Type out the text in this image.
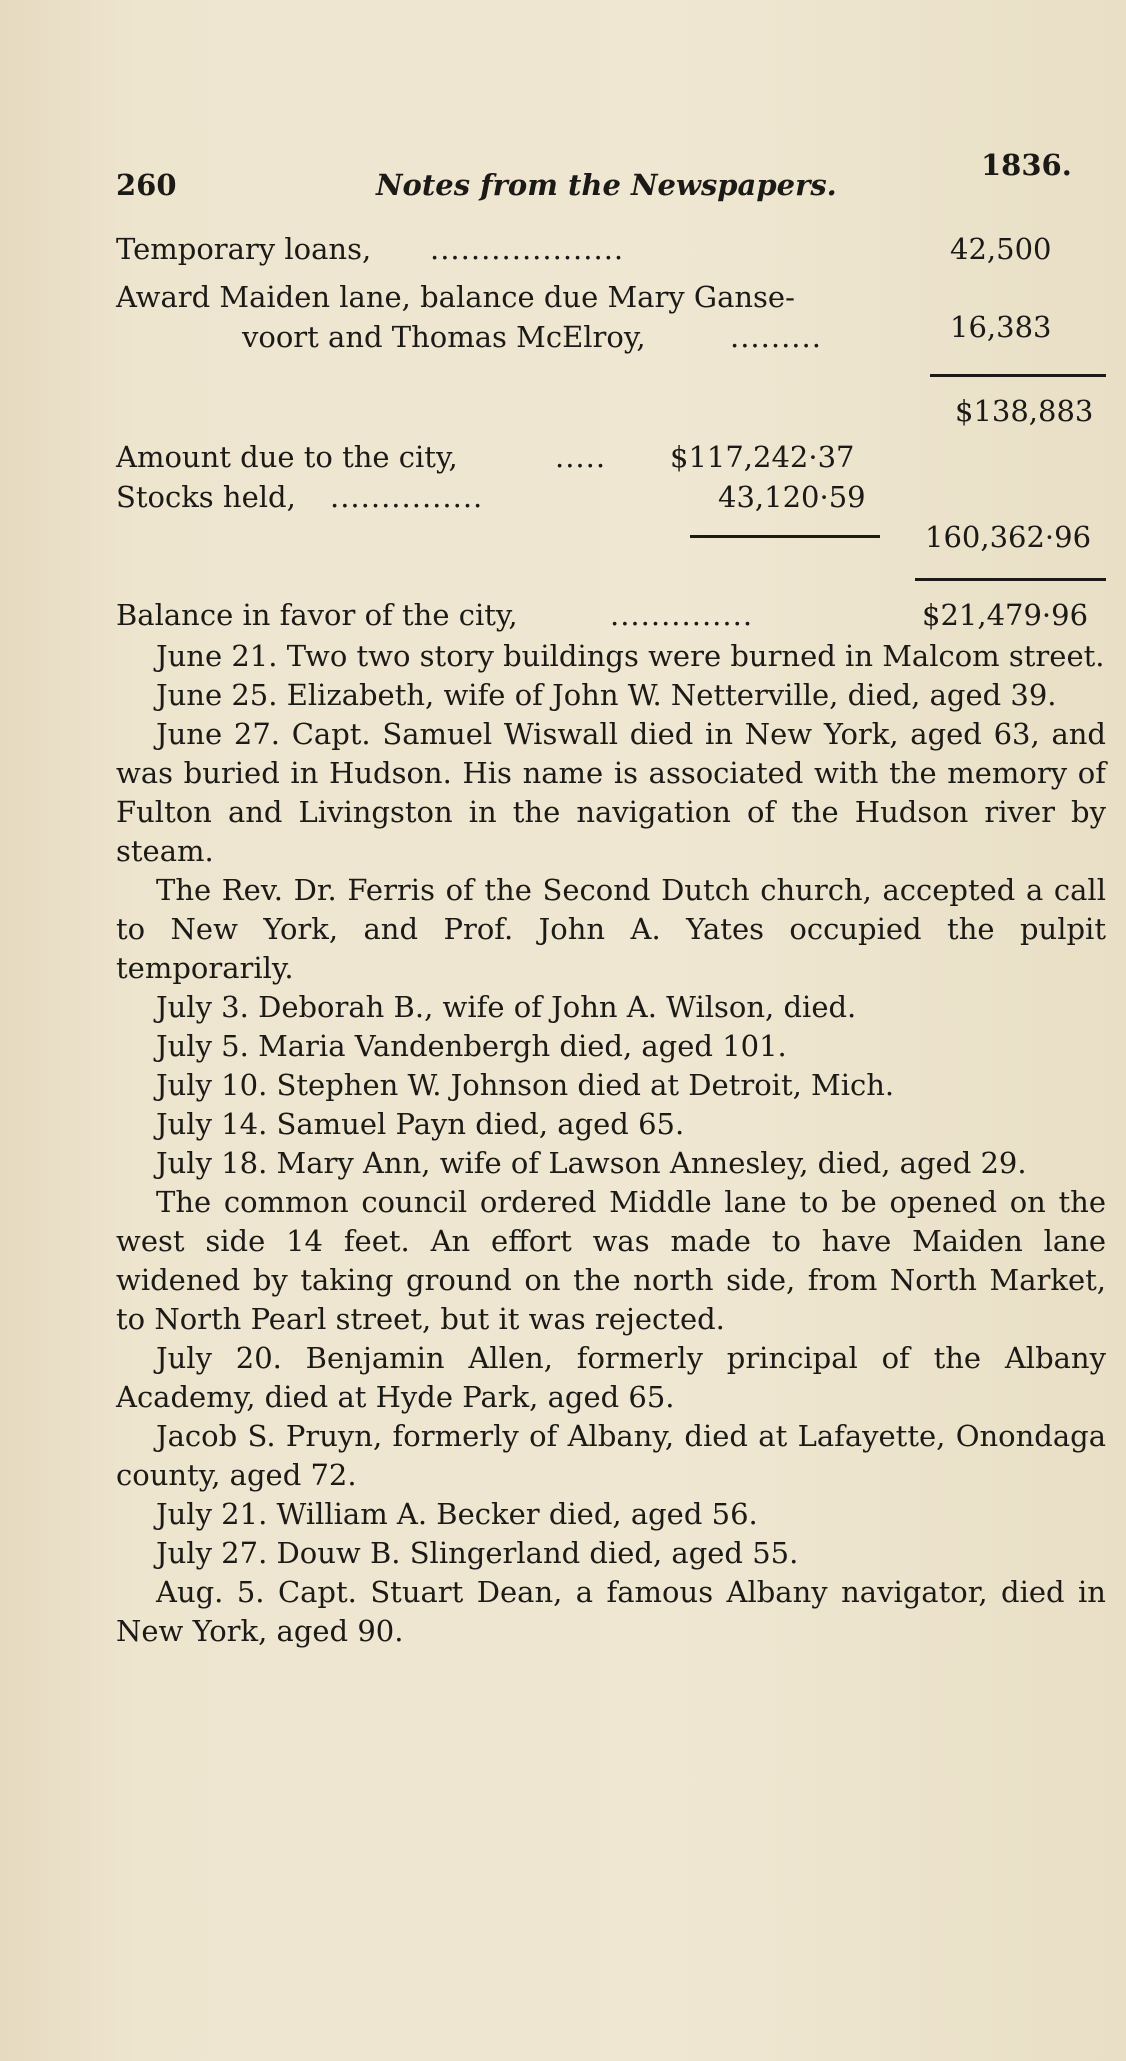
260	Notes from the Newspapers.
1836.
Temporary loans, ...................	42,500
Award Maiden lane, balance due Mary Ganse-
voort and Thomas McElroy,	.........	16,383
$138,883
Amount due to the city,	..... $117,242·37
Stocks held, ...............	43,120·59
160,362·96
Balance in favor of the city,	..............	$21,479·96

June 21. Two two story buildings were burned in Malcom street.

June 25. Elizabeth, wife of John W. Netterville, died, aged 39.

June 27. Capt. Samuel Wiswall died in New York, aged 63, and was buried in Hudson. His name is associated with the memory of Fulton and Livingston in the navigation of the Hudson river by steam.

The Rev. Dr. Ferris of the Second Dutch church, accepted a call to New York, and Prof. John A. Yates occupied the pulpit temporarily.

July 3. Deborah B., wife of John A. Wilson, died.

July 5. Maria Vandenbergh died, aged 101.

July 10. Stephen W. Johnson died at Detroit, Mich.

July 14. Samuel Payn died, aged 65.

July 18. Mary Ann, wife of Lawson Annesley, died, aged 29.

The common council ordered Middle lane to be opened on the west side 14 feet. An effort was made to have Maiden lane widened by taking ground on the north side, from North Market, to North Pearl street, but it was rejected.

July 20. Benjamin Allen, formerly principal of the Albany Academy, died at Hyde Park, aged 65.

Jacob S. Pruyn, formerly of Albany, died at Lafayette, Onondaga county, aged 72.

July 21. William A. Becker died, aged 56.

July 27. Douw B. Slingerland died, aged 55.

Aug. 5. Capt. Stuart Dean, a famous Albany navigator, died in New York, aged 90.
